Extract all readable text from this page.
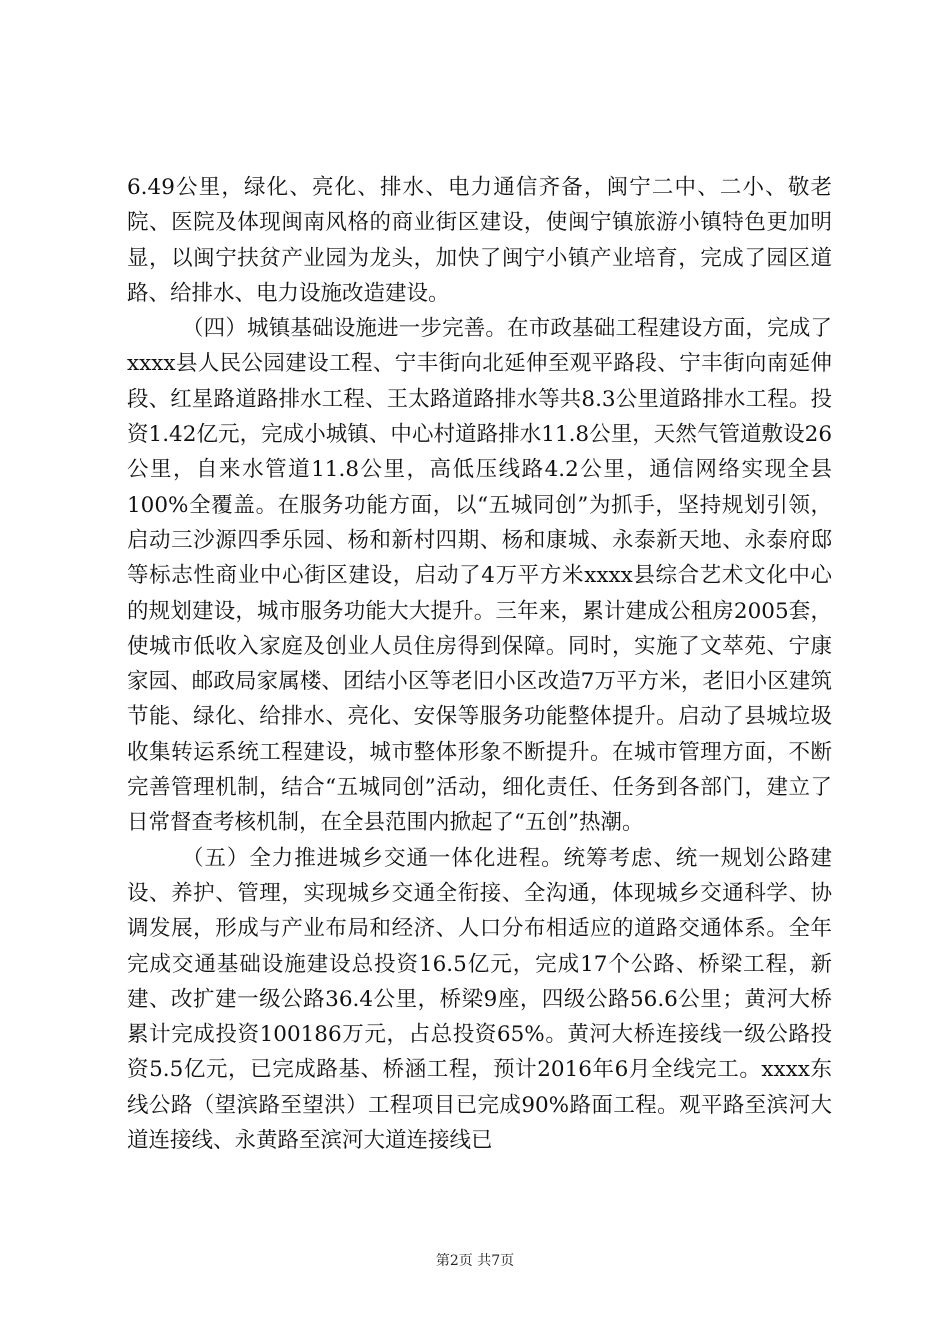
6.49公里，绿化、亮化、排水、电力通信齐备，闽宁二中、二小、敬老院、医院及体现闽南风格的商业街区建设，使闽宁镇旅游小镇特色更加明显，以闽宁扶贫产业园为龙头，加快了闽宁小镇产业培育，完成了园区道路、给排水、电力设施改造建设。

（四）城镇基础设施进一步完善。在市政基础工程建设方面，完成了xxxx县人民公园建设工程、宁丰街向北延伸至观平路段、宁丰街向南延伸段、红星路道路排水工程、王太路道路排水等共8.3公里道路排水工程。投资1.42亿元，完成小城镇、中心村道路排水11.8公里，天然气管道敷设26公里，自来水管道11.8公里，高低压线路4.2公里，通信网络实现全县100%全覆盖。在服务功能方面，以“五城同创”为抓手，坚持规划引领，启动三沙源四季乐园、杨和新村四期、杨和康城、永泰新天地、永泰府邸等标志性商业中心街区建设，启动了4万平方米xxxx县综合艺术文化中心的规划建设，城市服务功能大大提升。三年来，累计建成公租房2005套，使城市低收入家庭及创业人员住房得到保障。同时，实施了文萃苑、宁康家园、邮政局家属楼、团结小区等老旧小区改造7万平方米，老旧小区建筑节能、绿化、给排水、亮化、安保等服务功能整体提升。启动了县城垃圾收集转运系统工程建设，城市整体形象不断提升。在城市管理方面，不断完善管理机制，结合“五城同创”活动，细化责任、任务到各部门，建立了日常督查考核机制，在全县范围内掀起了“五创”热潮。

（五）全力推进城乡交通一体化进程。统筹考虑、统一规划公路建设、养护、管理，实现城乡交通全衔接、全沟通，体现城乡交通科学、协调发展，形成与产业布局和经济、人口分布相适应的道路交通体系。全年完成交通基础设施建设总投资16.5亿元，完成17个公路、桥梁工程，新建、改扩建一级公路36.4公里，桥梁9座，四级公路56.6公里；黄河大桥累计完成投资100186万元，占总投资65%。黄河大桥连接线一级公路投资5.5亿元，已完成路基、桥涵工程，预计2016年6月全线完工。xxxx东线公路（望滨路至望洪）工程项目已完成90%路面工程。观平路至滨河大道连接线、永黄路至滨河大道连接线已

第2页 共7页
